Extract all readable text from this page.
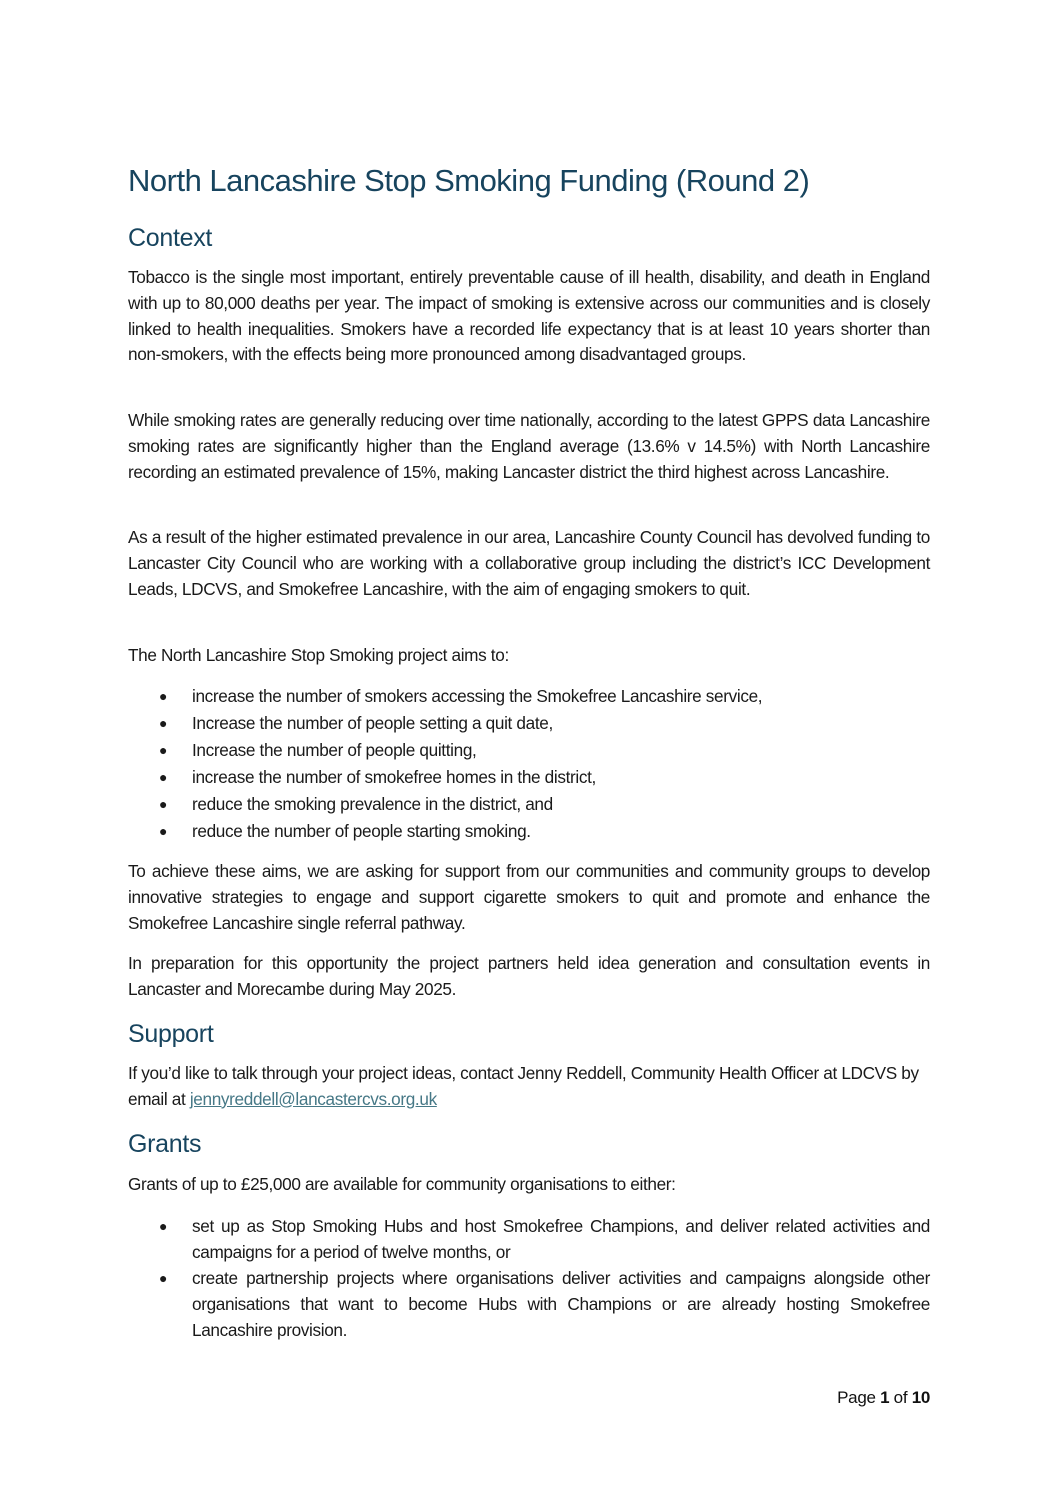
North Lancashire Stop Smoking Funding (Round 2)
Context

Tobacco is the single most important, entirely preventable cause of ill health, disability, and death in England with up to 80,000 deaths per year. The impact of smoking is extensive across our communities and is closely linked to health inequalities. Smokers have a recorded life expectancy that is at least 10 years shorter than non-smokers, with the effects being more pronounced among disadvantaged groups.

While smoking rates are generally reducing over time nationally, according to the latest GPPS data Lancashire smoking rates are significantly higher than the England average (13.6% v 14.5%) with North Lancashire recording an estimated prevalence of 15%, making Lancaster district the third highest across Lancashire.

As a result of the higher estimated prevalence in our area, Lancashire County Council has devolved funding to Lancaster City Council who are working with a collaborative group including the district’s ICC Development Leads, LDCVS, and Smokefree Lancashire, with the aim of engaging smokers to quit.

The North Lancashire Stop Smoking project aims to:

● increase the number of smokers accessing the Smokefree Lancashire service,
● Increase the number of people setting a quit date,
● Increase the number of people quitting,
● increase the number of smokefree homes in the district,
● reduce the smoking prevalence in the district, and
● reduce the number of people starting smoking.

To achieve these aims, we are asking for support from our communities and community groups to develop innovative strategies to engage and support cigarette smokers to quit and promote and enhance the Smokefree Lancashire single referral pathway.

In preparation for this opportunity the project partners held idea generation and consultation events in Lancaster and Morecambe during May 2025.

Support

If you’d like to talk through your project ideas, contact Jenny Reddell, Community Health Officer at LDCVS by email at jennyreddell@lancastercvs.org.uk

Grants

Grants of up to £25,000 are available for community organisations to either:

● set up as Stop Smoking Hubs and host Smokefree Champions, and deliver related activities and campaigns for a period of twelve months, or
● create partnership projects where organisations deliver activities and campaigns alongside other organisations that want to become Hubs with Champions or are already hosting Smokefree Lancashire provision.
Page 1 of 10
